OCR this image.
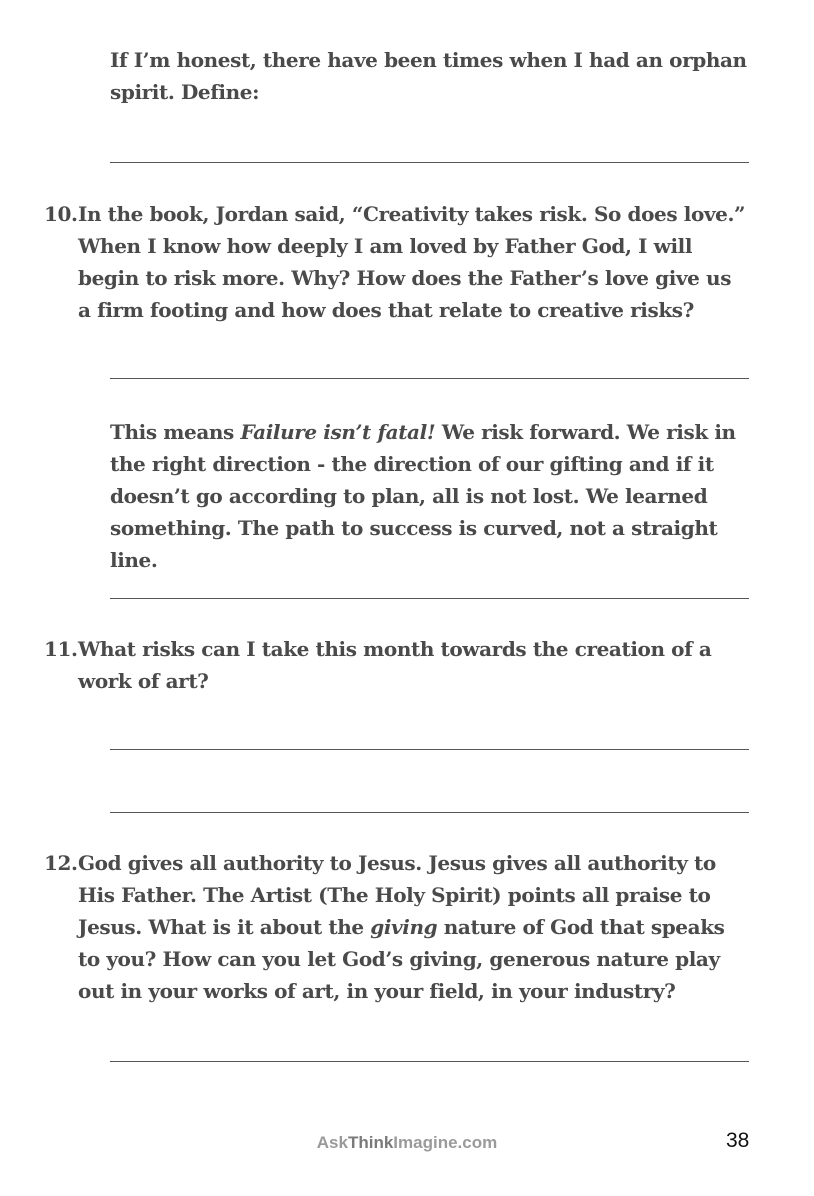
If I’m honest, there have been times when I had an orphan spirit. Define:
10. In the book, Jordan said, “Creativity takes risk. So does love.” When I know how deeply I am loved by Father God, I will begin to risk more. Why? How does the Father’s love give us a firm footing and how does that relate to creative risks?
This means Failure isn’t fatal! We risk forward. We risk in the right direction - the direction of our gifting and if it doesn’t go according to plan, all is not lost. We learned something. The path to success is curved, not a straight line.
11. What risks can I take this month towards the creation of a work of art?
12. God gives all authority to Jesus. Jesus gives all authority to His Father. The Artist (The Holy Spirit) points all praise to Jesus. What is it about the giving nature of God that speaks to you? How can you let God’s giving, generous nature play out in your works of art, in your field, in your industry?
AskThinkImagine.com	38
